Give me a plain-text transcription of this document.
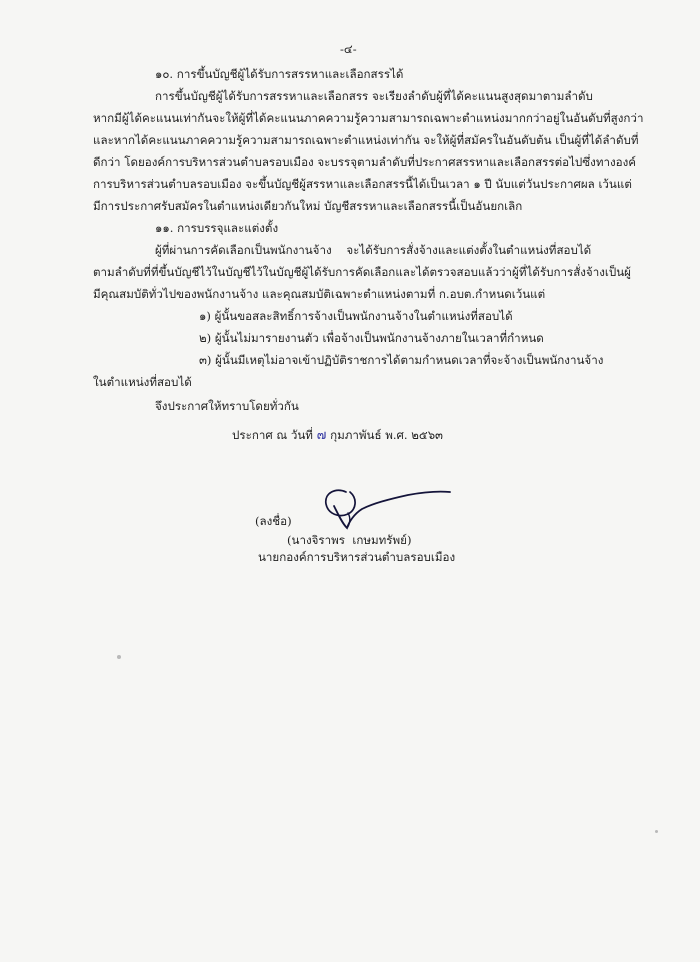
-๔-
๑๐. การขึ้นบัญชีผู้ได้รับการสรรหาและเลือกสรรได้
การขึ้นบัญชีผู้ได้รับการสรรหาและเลือกสรร จะเรียงลำดับผู้ที่ได้คะแนนสูงสุดมาตามลำดับ
หากมีผู้ได้คะแนนเท่ากันจะให้ผู้ที่ได้คะแนนภาคความรู้ความสามารถเฉพาะตำแหน่งมากกว่าอยู่ในอันดับที่สูงกว่า
และหากได้คะแนนภาคความรู้ความสามารถเฉพาะตำแหน่งเท่ากัน จะให้ผู้ที่สมัครในอันดับต้น เป็นผู้ที่ได้ลำดับที่
ดีกว่า โดยองค์การบริหารส่วนตำบลรอบเมือง จะบรรจุตามลำดับที่ประกาศสรรหาและเลือกสรรต่อไปซึ่งทางองค์
การบริหารส่วนตำบลรอบเมือง จะขึ้นบัญชีผู้สรรหาและเลือกสรรนี้ได้เป็นเวลา ๑ ปี นับแต่วันประกาศผล เว้นแต่
มีการประกาศรับสมัครในตำแหน่งเดียวกันใหม่ บัญชีสรรหาและเลือกสรรนี้เป็นอันยกเลิก
๑๑. การบรรจุและแต่งตั้ง
ผู้ที่ผ่านการคัดเลือกเป็นพนักงานจ้าง    จะได้รับการสั่งจ้างและแต่งตั้งในตำแหน่งที่สอบได้
ตามลำดับที่ที่ขึ้นบัญชีไว้ในบัญชีไว้ในบัญชีผู้ได้รับการคัดเลือกและได้ตรวจสอบแล้วว่าผู้ที่ได้รับการสั่งจ้างเป็นผู้
มีคุณสมบัติทั่วไปของพนักงานจ้าง และคุณสมบัติเฉพาะตำแหน่งตามที่ ก.อบต.กำหนดเว้นแต่
๑) ผู้นั้นขอสละสิทธิ์การจ้างเป็นพนักงานจ้างในตำแหน่งที่สอบได้
๒) ผู้นั้นไม่มารายงานตัว เพื่อจ้างเป็นพนักงานจ้างภายในเวลาที่กำหนด
๓) ผู้นั้นมีเหตุไม่อาจเข้าปฏิบัติราชการได้ตามกำหนดเวลาที่จะจ้างเป็นพนักงานจ้าง
ในตำแหน่งที่สอบได้
จึงประกาศให้ทราบโดยทั่วกัน
ประกาศ ณ วันที่ ๗ กุมภาพันธ์ พ.ศ. ๒๕๖๓
(ลงชื่อ)
(นางจิราพร  เกษมทรัพย์)
นายกองค์การบริหารส่วนตำบลรอบเมือง
